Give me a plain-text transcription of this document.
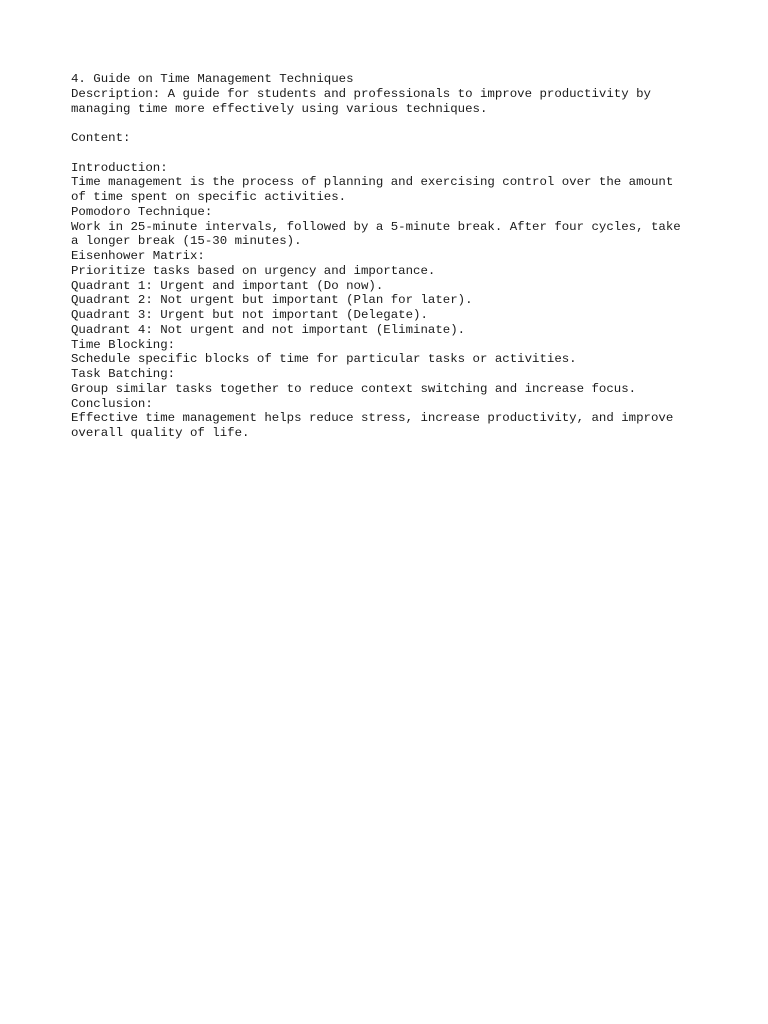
4. Guide on Time Management Techniques
Description: A guide for students and professionals to improve productivity by
managing time more effectively using various techniques.
Content:
Introduction:
Time management is the process of planning and exercising control over the amount
of time spent on specific activities.
Pomodoro Technique:
Work in 25-minute intervals, followed by a 5-minute break. After four cycles, take
a longer break (15-30 minutes).
Eisenhower Matrix:
Prioritize tasks based on urgency and importance.
Quadrant 1: Urgent and important (Do now).
Quadrant 2: Not urgent but important (Plan for later).
Quadrant 3: Urgent but not important (Delegate).
Quadrant 4: Not urgent and not important (Eliminate).
Time Blocking:
Schedule specific blocks of time for particular tasks or activities.
Task Batching:
Group similar tasks together to reduce context switching and increase focus.
Conclusion:
Effective time management helps reduce stress, increase productivity, and improve
overall quality of life.
